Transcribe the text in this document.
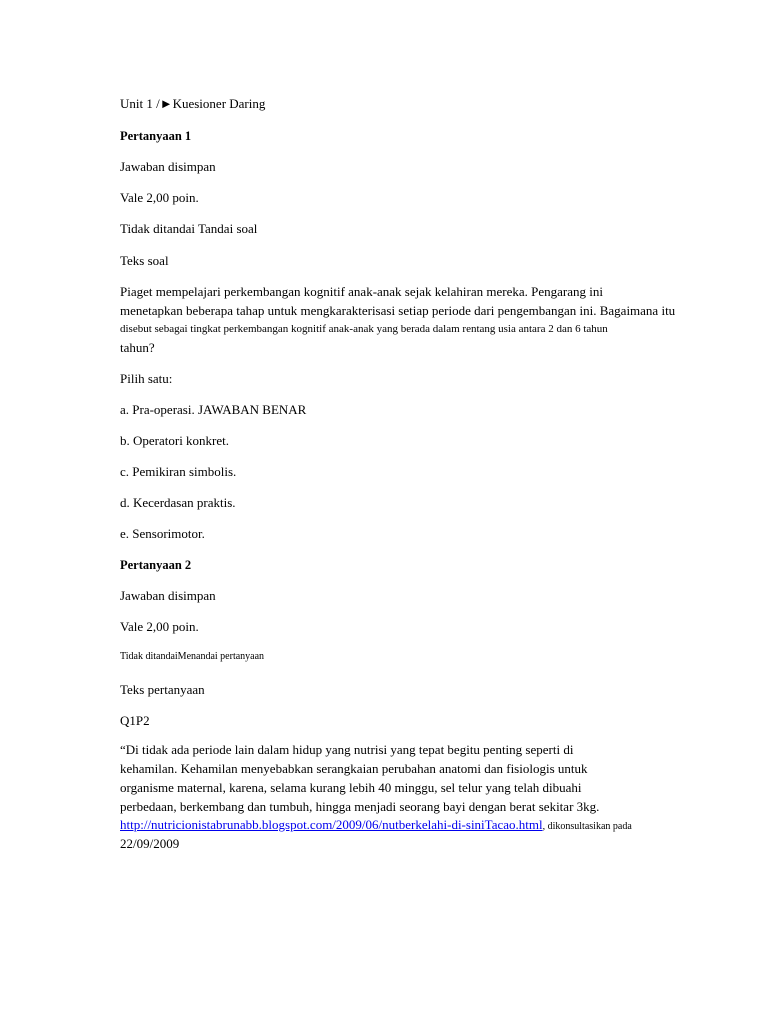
Unit 1 /►Kuesioner Daring

Pertanyaan 1

Jawaban disimpan

Vale 2,00 poin.

Tidak ditandai Tandai soal

Teks soal

Piaget mempelajari perkembangan kognitif anak-anak sejak kelahiran mereka. Pengarang ini

menetapkan beberapa tahap untuk mengkarakterisasi setiap periode dari pengembangan ini. Bagaimana itu

disebut sebagai tingkat perkembangan kognitif anak-anak yang berada dalam rentang usia antara 2 dan 6 tahun

tahun?

Pilih satu:

a. Pra-operasi. JAWABAN BENAR

b. Operatori konkret.

c. Pemikiran simbolis.

d. Kecerdasan praktis.

e. Sensorimotor.

Pertanyaan 2

Jawaban disimpan

Vale 2,00 poin.

Tidak ditandaiMenandai pertanyaan

Teks pertanyaan

Q1P2

“Di tidak ada periode lain dalam hidup yang nutrisi yang tepat begitu penting seperti di

kehamilan. Kehamilan menyebabkan serangkaian perubahan anatomi dan fisiologis untuk

organisme maternal, karena, selama kurang lebih 40 minggu, sel telur yang telah dibuahi

perbedaan, berkembang dan tumbuh, hingga menjadi seorang bayi dengan berat sekitar 3kg.

http://nutricionistabrunabb.blogspot.com/2009/06/nutberkelahi-di-siniTacao.html, dikonsultasikan pada

22/09/2009
